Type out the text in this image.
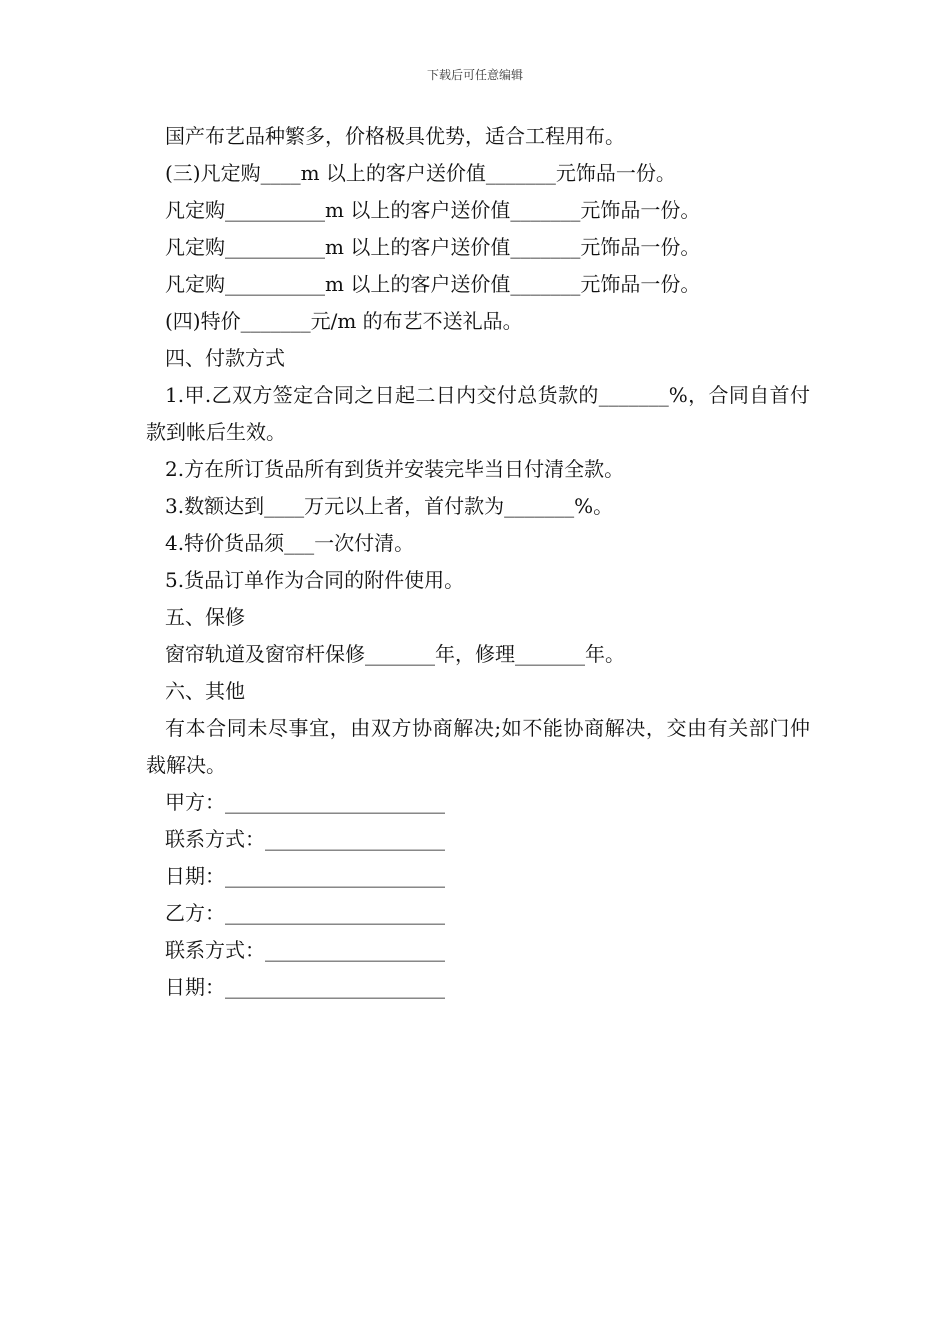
下载后可任意编辑
国产布艺品种繁多，价格极具优势，适合工程用布。
(三)凡定购____m 以上的客户送价值_______元饰品一份。
凡定购__________m 以上的客户送价值_______元饰品一份。
凡定购__________m 以上的客户送价值_______元饰品一份。
凡定购__________m 以上的客户送价值_______元饰品一份。
(四)特价_______元/m 的布艺不送礼品。
四、付款方式
1.甲.乙双方签定合同之日起二日内交付总货款的_______%，合同自首付款到帐后生效。
2.方在所订货品所有到货并安装完毕当日付清全款。
3.数额达到____万元以上者，首付款为_______%。
4.特价货品须___一次付清。
5.货品订单作为合同的附件使用。
五、保修
窗帘轨道及窗帘杆保修_______年，修理_______年。
六、其他
有本合同未尽事宜，由双方协商解决;如不能协商解决，交由有关部门仲裁解决。
甲方：______________________
联系方式：__________________
日期：______________________
乙方：______________________
联系方式：__________________
日期：______________________
